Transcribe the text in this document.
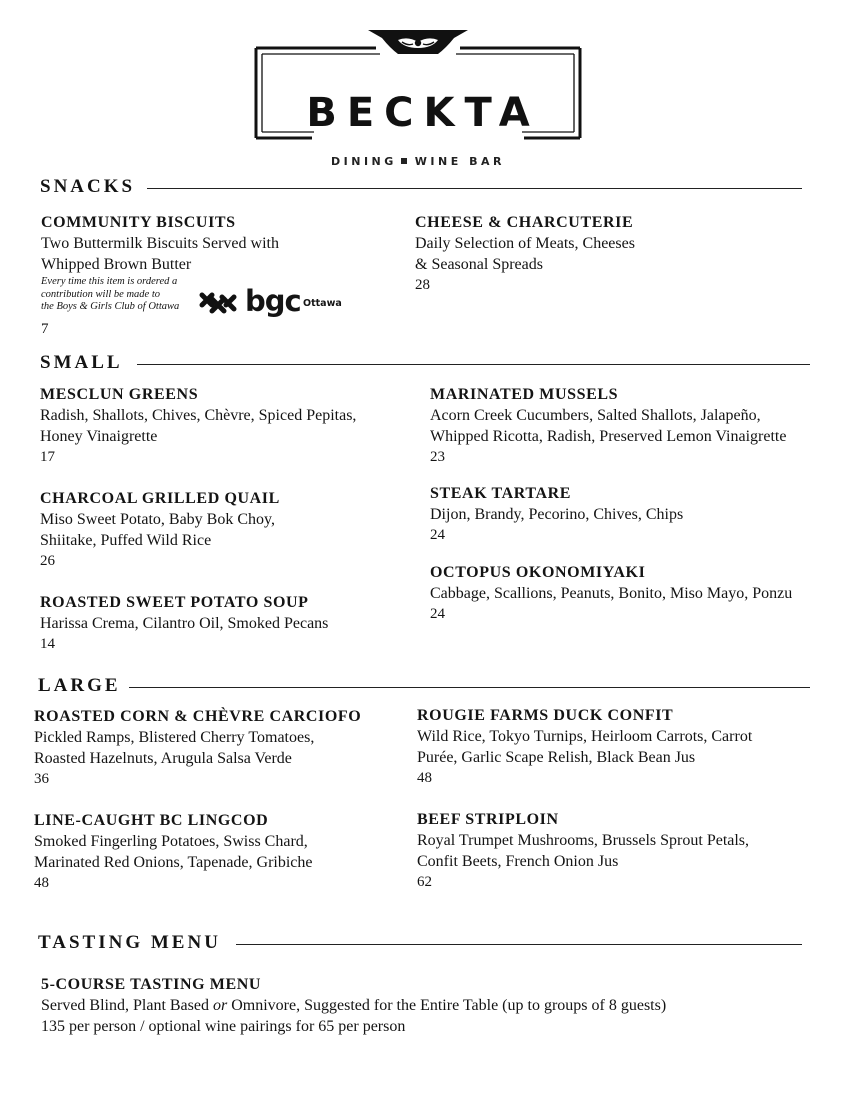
BECKTA
DINING WINE BAR
SNACKS
COMMUNITY BISCUITS
Two Buttermilk Biscuits Served with
Whipped Brown Butter
Every time this item is ordered a
contribution will be made to
the Boys & Girls Club of Ottawa bgc Ottawa
7
CHEESE & CHARCUTERIE
Daily Selection of Meats, Cheeses
& Seasonal Spreads
28
SMALL
MESCLUN GREENS
Radish, Shallots, Chives, Chèvre, Spiced Pepitas,
Honey Vinaigrette
17
CHARCOAL GRILLED QUAIL
Miso Sweet Potato, Baby Bok Choy,
Shiitake, Puffed Wild Rice
26
ROASTED SWEET POTATO SOUP
Harissa Crema, Cilantro Oil, Smoked Pecans
14
MARINATED MUSSELS
Acorn Creek Cucumbers, Salted Shallots, Jalapeño,
Whipped Ricotta, Radish, Preserved Lemon Vinaigrette
23
STEAK TARTARE
Dijon, Brandy, Pecorino, Chives, Chips
24
OCTOPUS OKONOMIYAKI
Cabbage, Scallions, Peanuts, Bonito, Miso Mayo, Ponzu
24
LARGE
ROASTED CORN & CHÈVRE CARCIOFO
Pickled Ramps, Blistered Cherry Tomatoes,
Roasted Hazelnuts, Arugula Salsa Verde
36
LINE-CAUGHT BC LINGCOD
Smoked Fingerling Potatoes, Swiss Chard,
Marinated Red Onions, Tapenade, Gribiche
48
ROUGIE FARMS DUCK CONFIT
Wild Rice, Tokyo Turnips, Heirloom Carrots, Carrot
Purée, Garlic Scape Relish, Black Bean Jus
48
BEEF STRIPLOIN
Royal Trumpet Mushrooms, Brussels Sprout Petals,
Confit Beets, French Onion Jus
62
TASTING MENU
5-COURSE TASTING MENU
Served Blind, Plant Based or Omnivore, Suggested for the Entire Table (up to groups of 8 guests)
135 per person / optional wine pairings for 65 per person
